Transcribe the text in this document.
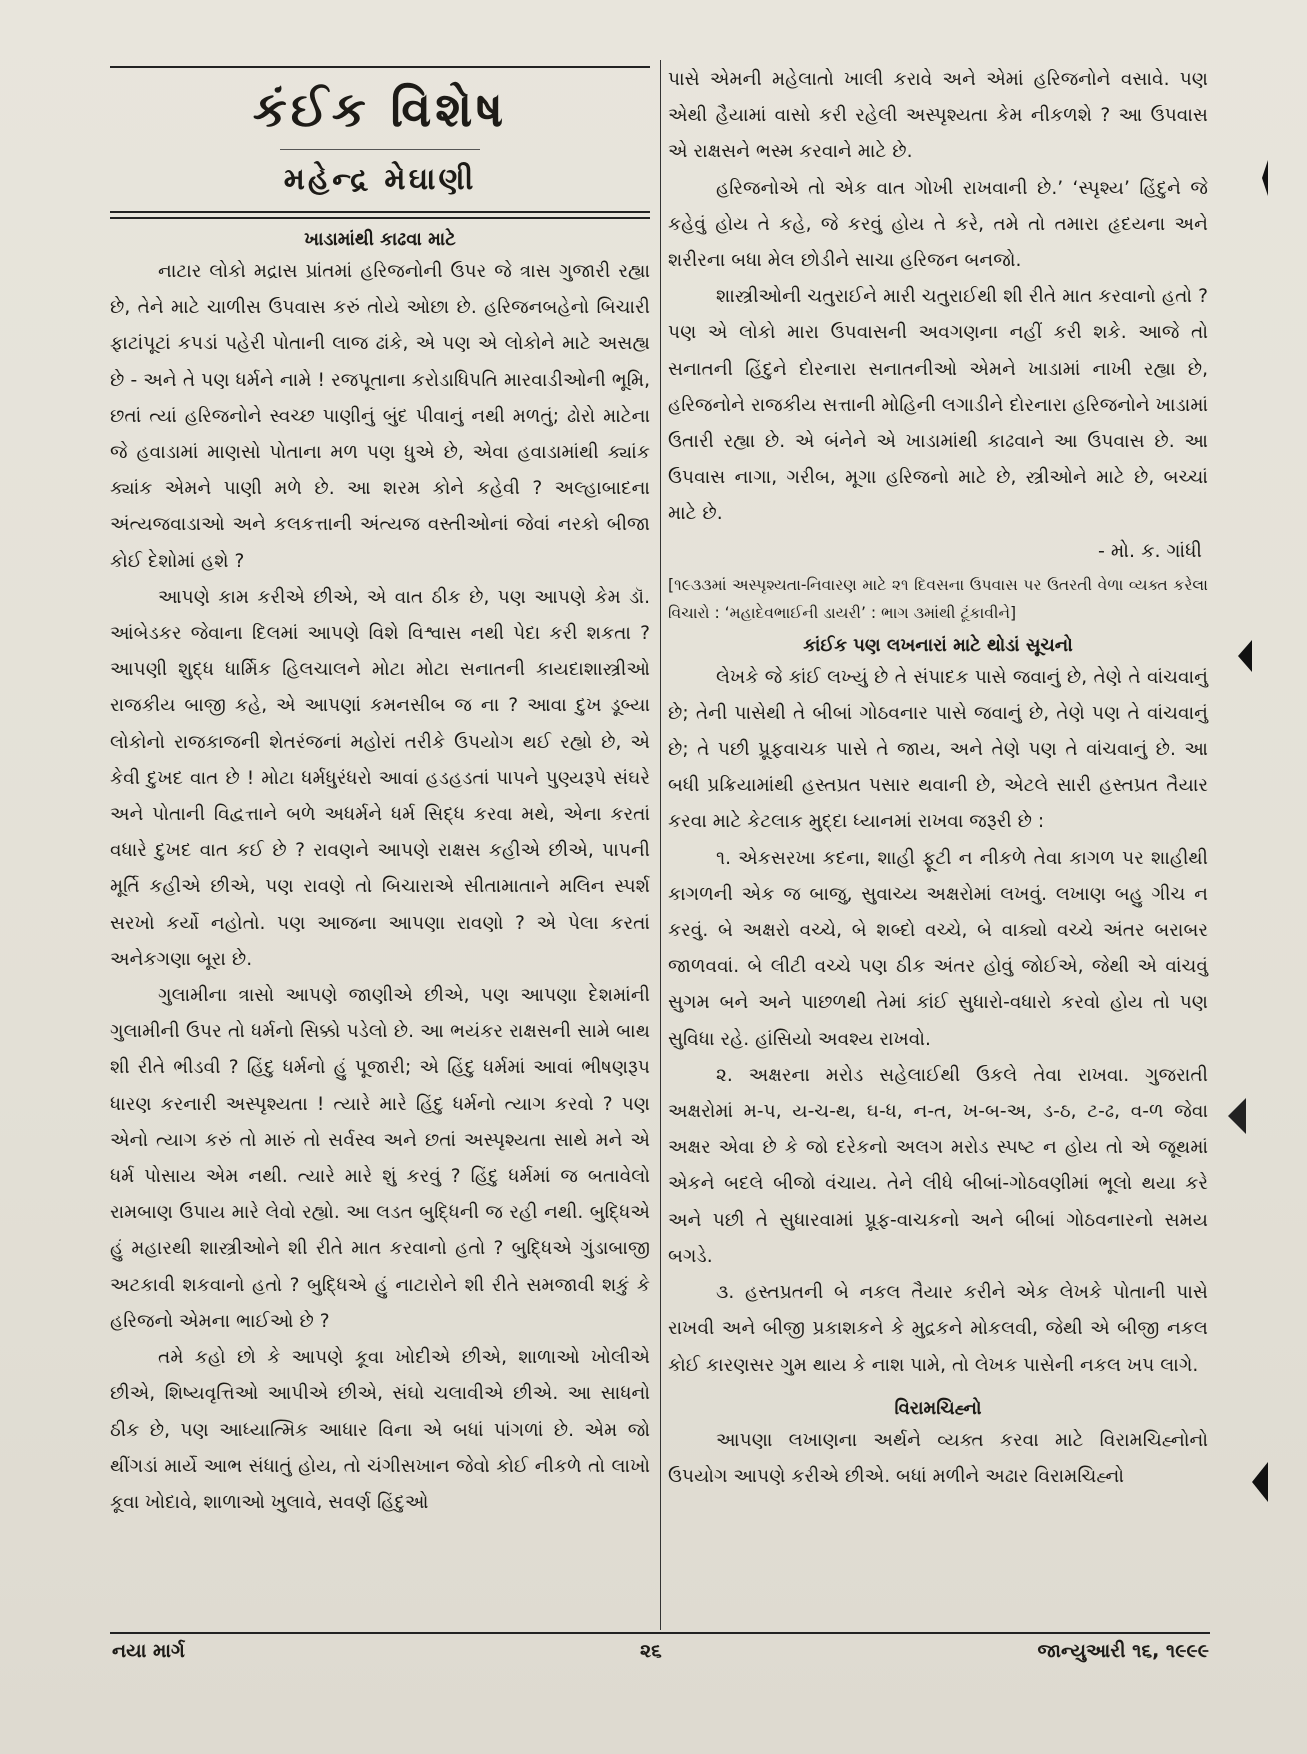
કંઈક વિશેષ
મહેન્દ્ર મેઘાણી
ખાડામાંથી કાઢવા માટે

નાટાર લોકો મદ્રાસ પ્રાંતમાં હરિજનોની ઉપર જે ત્રાસ ગુજારી રહ્યા છે, તેને માટે ચાળીસ ઉપવાસ કરું તોયે ઓછા છે. હરિજનબહેનો બિચારી ફાટાંપૂટાં કપડાં પહેરી પોતાની લાજ ઢાંકે, એ પણ એ લોકોને માટે અસહ્ય છે - અને તે પણ ધર્મને નામે ! રજપૂતાના કરોડાધિપતિ મારવાડીઓની ભૂમિ, છતાં ત્યાં હરિજનોને સ્વચ્છ પાણીનું બુંદ પીવાનું નથી મળતું; ઢોરો માટેના જે હવાડામાં માણસો પોતાના મળ પણ ધુએ છે, એવા હવાડામાંથી ક્યાંક ક્યાંક એમને પાણી મળે છે. આ શરમ કોને કહેવી ? અલ્હાબાદના અંત્યજવાડાઓ અને કલકત્તાની અંત્યજ વસ્તીઓનાં જેવાં નરકો બીજા કોઈ દેશોમાં હશે ?

આપણે કામ કરીએ છીએ, એ વાત ઠીક છે, પણ આપણે કેમ ડૉ. આંબેડકર જેવાના દિલમાં આપણે વિશે વિશ્વાસ નથી પેદા કરી શકતા ? આપણી શુદ્ધ ધાર્મિક હિલચાલને મોટા મોટા સનાતની કાયદાશાસ્ત્રીઓ રાજકીય બાજી કહે, એ આપણાં કમનસીબ જ ના ? આવા દુખ ડૂબ્યા લોકોનો રાજકાજની શેતરંજનાં મહોરાં તરીકે ઉપયોગ થઈ રહ્યો છે, એ કેવી દુખદ વાત છે ! મોટા ધર્મધુરંધરો આવાં હડહડતાં પાપને પુણ્યરૂપે સંઘરે અને પોતાની વિદ્વત્તાને બળે અધર્મને ધર્મ સિદ્ધ કરવા મથે, એના કરતાં વધારે દુખદ વાત કઈ છે ? રાવણને આપણે રાક્ષસ કહીએ છીએ, પાપની મૂર્તિ કહીએ છીએ, પણ રાવણે તો બિચારાએ સીતામાતાને મલિન સ્પર્શ સરખો કર્યો નહોતો. પણ આજના આપણા રાવણો ? એ પેલા કરતાં અનેકગણા બૂરા છે.

ગુલામીના ત્રાસો આપણે જાણીએ છીએ, પણ આપણા દેશમાંની ગુલામીની ઉપર તો ધર્મનો સિક્કો પડેલો છે. આ ભયંકર રાક્ષસની સામે બાથ શી રીતે ભીડવી ? હિંદુ ધર્મનો હું પૂજારી; એ હિંદુ ધર્મમાં આવાં ભીષણરૂપ ધારણ કરનારી અસ્પૃશ્યતા ! ત્યારે મારે હિંદુ ધર્મનો ત્યાગ કરવો ? પણ એનો ત્યાગ કરું તો મારું તો સર્વસ્વ અને છતાં અસ્પૃશ્યતા સાથે મને એ ધર્મ પોસાય એમ નથી. ત્યારે મારે શું કરવું ? હિંદુ ધર્મમાં જ બતાવેલો રામબાણ ઉપાય મારે લેવો રહ્યો. આ લડત બુદ્ધિની જ રહી નથી. બુદ્ધિએ હું મહારથી શાસ્ત્રીઓને શી રીતે માત કરવાનો હતો ? બુદ્ધિએ ગુંડાબાજી અટકાવી શકવાનો હતો ? બુદ્ધિએ હું નાટારોને શી રીતે સમજાવી શકું કે હરિજનો એમના ભાઈઓ છે ?

તમે કહો છો કે આપણે કૂવા ખોદીએ છીએ, શાળાઓ ખોલીએ છીએ, શિષ્યવૃત્તિઓ આપીએ છીએ, સંઘો ચલાવીએ છીએ. આ સાધનો ઠીક છે, પણ આધ્યાત્મિક આધાર વિના એ બધાં પાંગળાં છે. એમ જો થીંગડાં માર્યે આભ સંધાતું હોય, તો ચંગીસખાન જેવો કોઈ નીકળે તો લાખો કૂવા ખોદાવે, શાળાઓ ખુલાવે, સવર્ણ હિંદુઓ

પાસે એમની મહેલાતો ખાલી કરાવે અને એમાં હરિજનોને વસાવે. પણ એથી હૈયામાં વાસો કરી રહેલી અસ્પૃશ્યતા કેમ નીકળશે ? આ ઉપવાસ એ રાક્ષસને ભસ્મ કરવાને માટે છે.

હરિજનોએ તો એક વાત ગોખી રાખવાની છે.’ ‘સ્પૃશ્ય’ હિંદુને જે કહેવું હોય તે કહે, જે કરવું હોય તે કરે, તમે તો તમારા હૃદયના અને શરીરના બધા મેલ છોડીને સાચા હરિજન બનજો.

શાસ્ત્રીઓની ચતુરાઈને મારી ચતુરાઈથી શી રીતે માત કરવાનો હતો ? પણ એ લોકો મારા ઉપવાસની અવગણના નહીં કરી શકે. આજે તો સનાતની હિંદુને દોરનારા સનાતનીઓ એમને ખાડામાં નાખી રહ્યા છે, હરિજનોને રાજકીય સત્તાની મોહિની લગાડીને દોરનારા હરિજનોને ખાડામાં ઉતારી રહ્યા છે. એ બંનેને એ ખાડામાંથી કાઢવાને આ ઉપવાસ છે. આ ઉપવાસ નાગા, ગરીબ, મૂગા હરિજનો માટે છે, સ્ત્રીઓને માટે છે, બચ્ચાં માટે છે.

- મો. ક. ગાંધી
[૧૯૩૩માં અસ્પૃશ્યતા-નિવારણ માટે ૨૧ દિવસના ઉપવાસ પર ઉતરતી વેળા વ્યક્ત કરેલા વિચારો : ‘મહાદેવભાઈની ડાયરી’ : ભાગ ૩માંથી ટૂંકાવીને]
કાંઈક પણ લખનારાં માટે થોડાં સૂચનો

લેખકે જે કાંઈ લખ્યું છે તે સંપાદક પાસે જવાનું છે, તેણે તે વાંચવાનું છે; તેની પાસેથી તે બીબાં ગોઠવનાર પાસે જવાનું છે, તેણે પણ તે વાંચવાનું છે; તે પછી પ્રૂફવાચક પાસે તે જાય, અને તેણે પણ તે વાંચવાનું છે. આ બધી પ્રક્રિયામાંથી હસ્તપ્રત પસાર થવાની છે, એટલે સારી હસ્તપ્રત તૈયાર કરવા માટે કેટલાક મુદ્દા ધ્યાનમાં રાખવા જરૂરી છે :

૧. એકસરખા કદના, શાહી ફૂટી ન નીકળે તેવા કાગળ પર શાહીથી કાગળની એક જ બાજુ, સુવાચ્ય અક્ષરોમાં લખવું. લખાણ બહુ ગીચ ન કરવું. બે અક્ષરો વચ્ચે, બે શબ્દો વચ્ચે, બે વાક્યો વચ્ચે અંતર બરાબર જાળવવાં. બે લીટી વચ્ચે પણ ઠીક અંતર હોવું જોઈએ, જેથી એ વાંચવું સુગમ બને અને પાછળથી તેમાં કાંઈ સુધારો-વધારો કરવો હોય તો પણ સુવિધા રહે. હાંસિયો અવશ્ય રાખવો.

૨. અક્ષરના મરોડ સહેલાઈથી ઉકલે તેવા રાખવા. ગુજરાતી અક્ષરોમાં મ-પ, ય-ચ-થ, ઘ-ધ, ન-ત, ખ-બ-અ, ડ-ઠ, ટ-ઢ, વ-ળ જેવા અક્ષર એવા છે કે જો દરેકનો અલગ મરોડ સ્પષ્ટ ન હોય તો એ જૂથમાં એકને બદલે બીજો વંચાય. તેને લીધે બીબાં-ગોઠવણીમાં ભૂલો થયા કરે અને પછી તે સુધારવામાં પ્રૂફ-વાચકનો અને બીબાં ગોઠવનારનો સમય બગડે.

૩. હસ્તપ્રતની બે નકલ તૈયાર કરીને એક લેખકે પોતાની પાસે રાખવી અને બીજી પ્રકાશકને કે મુદ્રકને મોકલવી, જેથી એ બીજી નકલ કોઈ કારણસર ગુમ થાય કે નાશ પામે, તો લેખક પાસેની નકલ ખપ લાગે.

વિરામચિહ્નો

આપણા લખાણના અર્થને વ્યક્ત કરવા માટે વિરામચિહ્નોનો ઉપયોગ આપણે કરીએ છીએ. બધાં મળીને અઢાર વિરામચિહ્નો

નયા માર્ગ	૨૬	જાન્યુઆરી ૧૬, ૧૯૯૯
